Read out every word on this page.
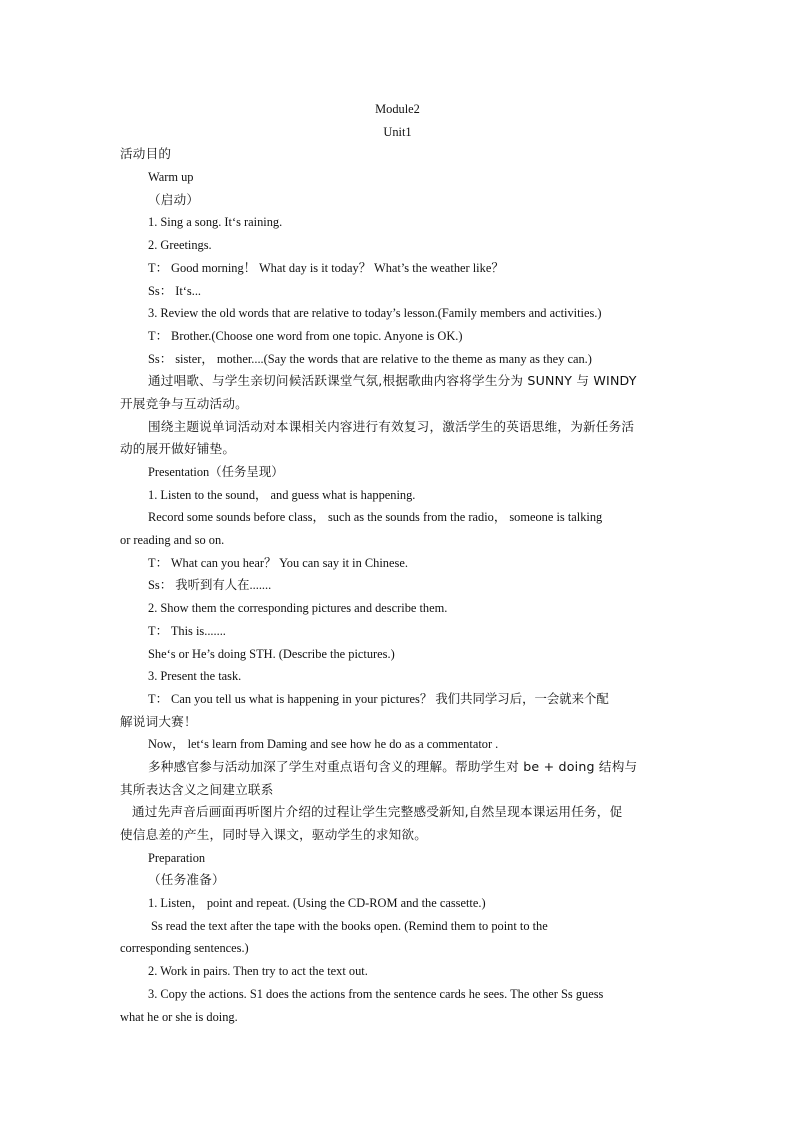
Module2
Unit1
活动目的
Warm up
（启动）
1. Sing a song. It‘s raining.
2. Greetings.
T： Good morning！ What day is it today？ What’s the weather like？
Ss： It‘s...
3. Review the old words that are relative to today’s lesson.(Family members and activities.)
T： Brother.(Choose one word from one topic. Anyone is OK.)
Ss： sister， mother....(Say the words that are relative to the theme as many as they can.)
通过唱歌、与学生亲切问候活跃课堂气氛,根据歌曲内容将学生分为 SUNNY 与 WINDY
开展竞争与互动活动。
围绕主题说单词活动对本课相关内容进行有效复习，激活学生的英语思维，为新任务活
动的展开做好铺垫。
Presentation（任务呈现）
1. Listen to the sound， and guess what is happening.
Record some sounds before class， such as the sounds from the radio， someone is talking
or reading and so on.
T： What can you hear？ You can say it in Chinese.
Ss： 我听到有人在.......
2. Show them the corresponding pictures and describe them.
T： This is.......
She‘s or He’s doing STH. (Describe the pictures.)
3. Present the task.
T： Can you tell us what is happening in your pictures？ 我们共同学习后，一会就来个配
解说词大赛！
Now， let‘s learn from Daming and see how he do as a commentator .
多种感官参与活动加深了学生对重点语句含义的理解。帮助学生对 be + doing 结构与
其所表达含义之间建立联系
通过先声音后画面再听图片介绍的过程让学生完整感受新知,自然呈现本课运用任务，促
使信息差的产生，同时导入课文，驱动学生的求知欲。
Preparation
（任务准备）
1. Listen， point and repeat. (Using the CD-ROM and the cassette.)
Ss read the text after the tape with the books open. (Remind them to point to the
corresponding sentences.)
2. Work in pairs. Then try to act the text out.
3. Copy the actions. S1 does the actions from the sentence cards he sees. The other Ss guess
what he or she is doing.
